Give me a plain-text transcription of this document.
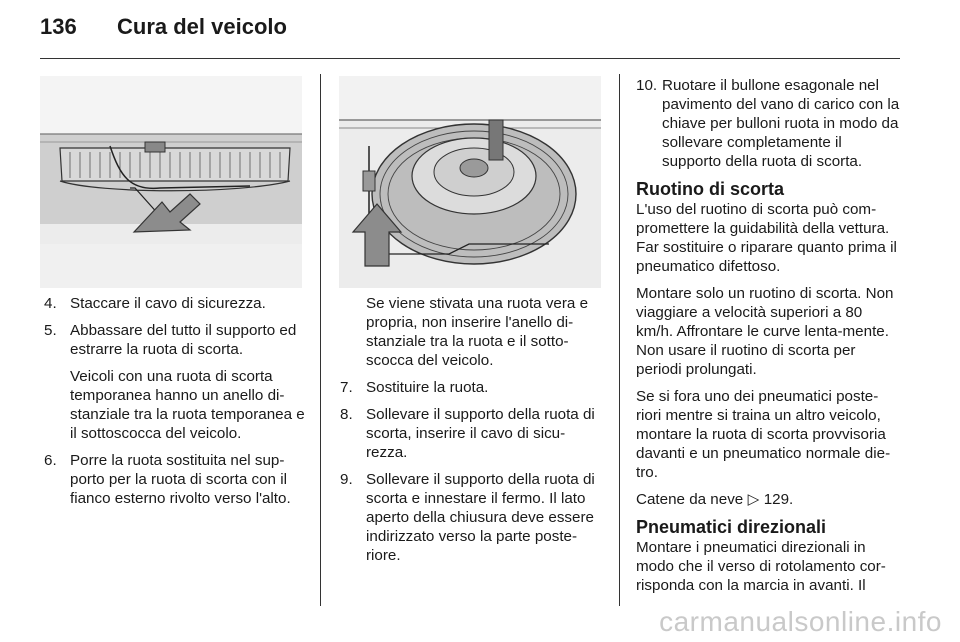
136 Cura del veicolo
4. Staccare il cavo di sicurezza.
5. Abbassare del tutto il supporto ed estrarre la ruota di scorta.

Veicoli con una ruota di scorta temporanea hanno un anello di-stanziale tra la ruota temporanea e il sottoscocca del veicolo.

6. Porre la ruota sostituita nel sup-porto per la ruota di scorta con il fianco esterno rivolto verso l'alto.

Se viene stivata una ruota vera e propria, non inserire l'anello di-stanziale tra la ruota e il sotto-scocca del veicolo.

7. Sostituire la ruota.
8. Sollevare il supporto della ruota di scorta, inserire il cavo di sicu-rezza.
9. Sollevare il supporto della ruota di scorta e innestare il fermo. Il lato aperto della chiusura deve essere indirizzato verso la parte poste-riore.
10. Ruotare il bullone esagonale nel pavimento del vano di carico con la chiave per bulloni ruota in modo da sollevare completamente il supporto della ruota di scorta.
Ruotino di scorta

L'uso del ruotino di scorta può com-promettere la guidabilità della vettura. Far sostituire o riparare quanto prima il pneumatico difettoso.

Montare solo un ruotino di scorta. Non viaggiare a velocità superiori a 80 km/h. Affrontare le curve lenta-mente. Non usare il ruotino di scorta per periodi prolungati.

Se si fora uno dei pneumatici poste-riori mentre si traina un altro veicolo, montare la ruota di scorta provvisoria davanti e un pneumatico normale die-tro.

Catene da neve ▷ 129.

Pneumatici direzionali

Montare i pneumatici direzionali in modo che il verso di rotolamento cor-risponda con la marcia in avanti. Il

carmanualsonline.info
